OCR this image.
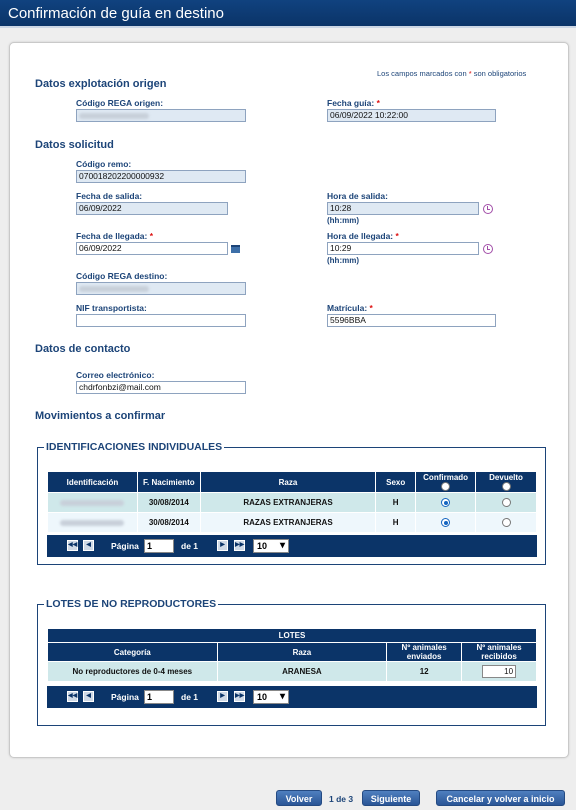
Confirmación de guía en destino
Los campos marcados con * son obligatorios
Datos explotación origen
Código REGA origen:	Fecha guía: *
06/09/2022 10:22:00
Datos solicitud
Código remo:
070018202200000932
Fecha de salida:
06/09/2022
Hora de salida:
10:28
(hh:mm)
Fecha de llegada: *
06/09/2022
Hora de llegada: *
10:29
(hh:mm)
Código REGA destino:
NIF transportista:	Matrícula: *
5596BBA
Datos de contacto
Correo electrónico:
chdrfonbzi@mail.com
Movimientos a confirmar
IDENTIFICACIONES INDIVIDUALES
Identificación	F. Nacimiento	Raza	Sexo	Confirmado	Devuelto

	30/08/2014	RAZAS EXTRANJERAS	H		
	30/08/2014	RAZAS EXTRANJERAS	H		
◀◀	◀	Página 1	de 1	▶	▶▶	10 ▾
LOTES DE NO REPRODUCTORES
LOTES			
Categoría	Raza	Nº animales enviados	Nº animales recibidos
No reproductores de 0-4 meses	ARANESA	12	10
◀◀	◀	Página 1	de 1	▶	▶▶	10 ▾
Volver	1 de 3	Siguiente	Cancelar y volver a inicio
